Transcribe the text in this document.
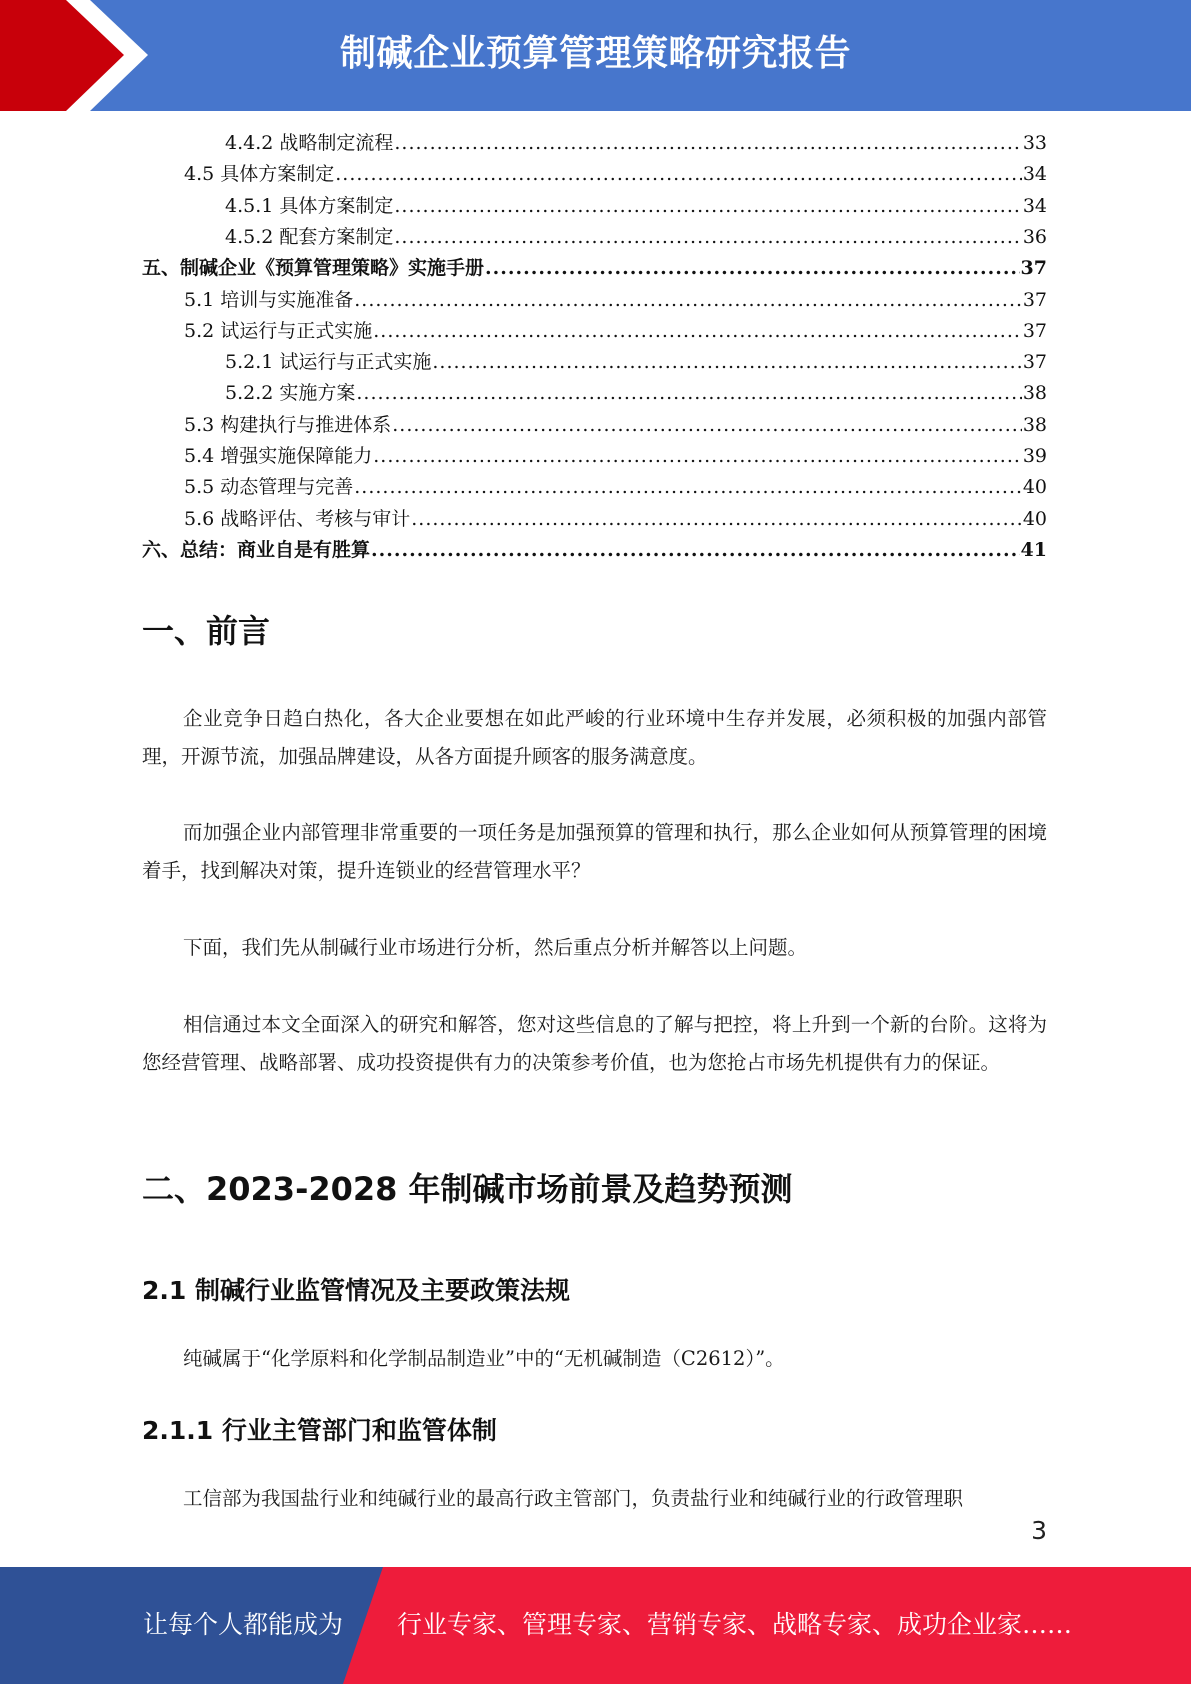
制碱企业预算管理策略研究报告
4.4.2 战略制定流程 .....	33
4.5 具体方案制定 .....	34
4.5.1 具体方案制定 .....	34
4.5.2 配套方案制定 .....	36
五、制碱企业《预算管理策略》实施手册 .....	37
5.1 培训与实施准备 .....	37
5.2 试运行与正式实施 .....	37
5.2.1 试运行与正式实施 .....	37
5.2.2 实施方案 .....	38
5.3 构建执行与推进体系 .....	38
5.4 增强实施保障能力 .....	39
5.5 动态管理与完善 .....	40
5.6 战略评估、考核与审计 .....	40
六、总结：商业自是有胜算 .....	41
一、前言
企业竞争日趋白热化，各大企业要想在如此严峻的行业环境中生存并发展，必须积极的加强内部管理，开源节流，加强品牌建设，从各方面提升顾客的服务满意度。
而加强企业内部管理非常重要的一项任务是加强预算的管理和执行，那么企业如何从预算管理的困境着手，找到解决对策，提升连锁业的经营管理水平？
下面，我们先从制碱行业市场进行分析，然后重点分析并解答以上问题。
相信通过本文全面深入的研究和解答，您对这些信息的了解与把控，将上升到一个新的台阶。这将为您经营管理、战略部署、成功投资提供有力的决策参考价值，也为您抢占市场先机提供有力的保证。
二、2023-2028 年制碱市场前景及趋势预测
2.1 制碱行业监管情况及主要政策法规
纯碱属于“化学原料和化学制品制造业”中的“无机碱制造（C2612）”。
2.1.1 行业主管部门和监管体制
工信部为我国盐行业和纯碱行业的最高行政主管部门，负责盐行业和纯碱行业的行政管理职
3
让每个人都能成为 行业专家、管理专家、营销专家、战略专家、成功企业家……
